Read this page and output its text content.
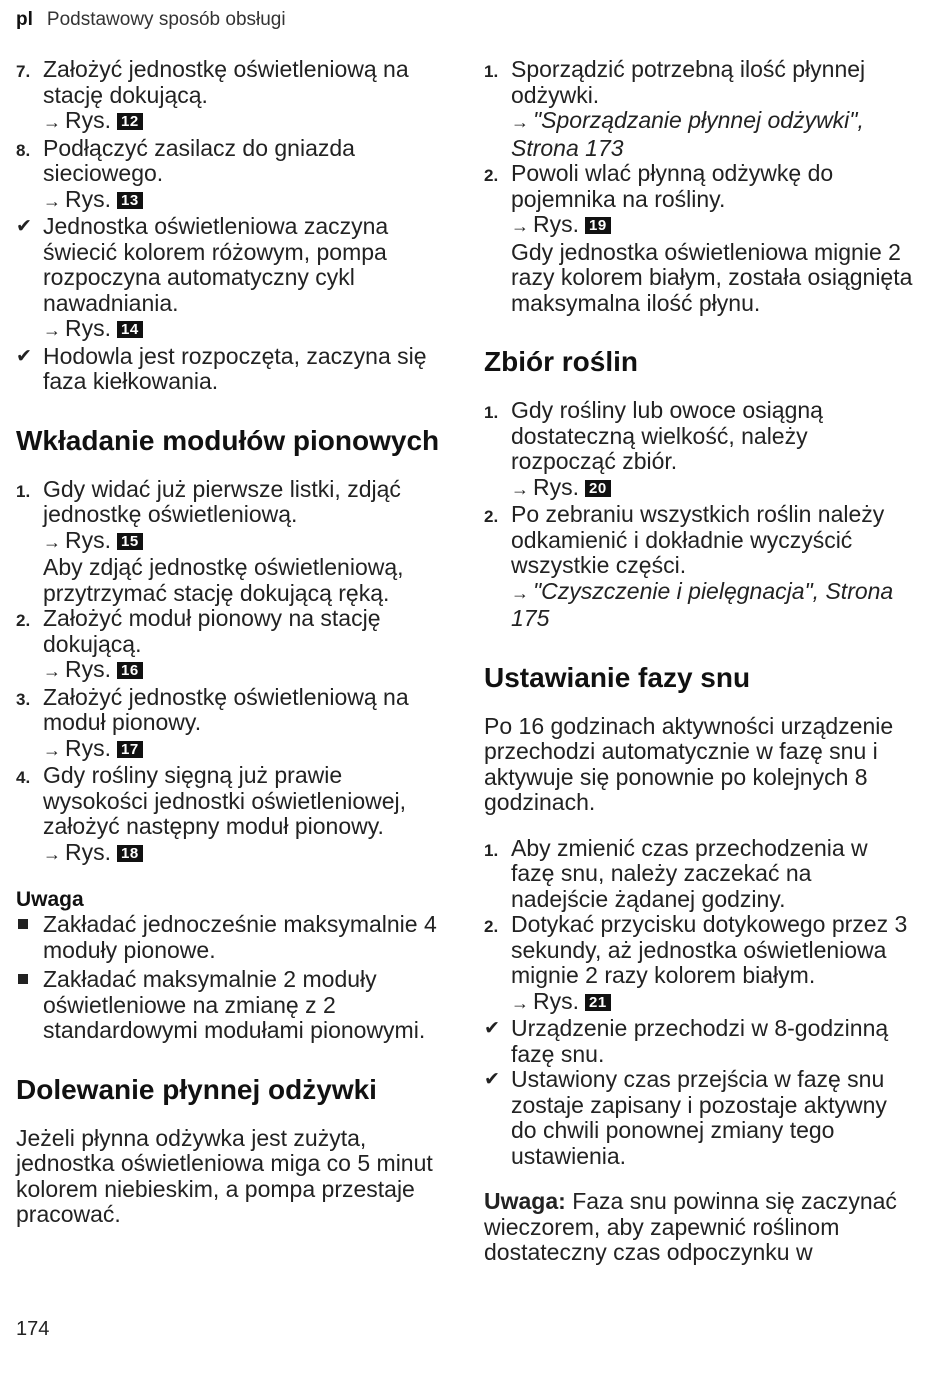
pl Podstawowy sposób obsługi
7. Założyć jednostkę oświetleniową na stację dokującą.
→ Rys. 12
8. Podłączyć zasilacz do gniazda sieciowego.
→ Rys. 13
✔ Jednostka oświetleniowa zaczyna świecić kolorem różowym, pompa rozpoczyna automatyczny cykl nawadniania.
→ Rys. 14
✔ Hodowla jest rozpoczęta, zaczyna się faza kiełkowania.
Wkładanie modułów pionowych
1. Gdy widać już pierwsze listki, zdjąć jednostkę oświetleniową.
→ Rys. 15
Aby zdjąć jednostkę oświetleniową, przytrzymać stację dokującą ręką.
2. Założyć moduł pionowy na stację dokującą.
→ Rys. 16
3. Założyć jednostkę oświetleniową na moduł pionowy.
→ Rys. 17
4. Gdy rośliny sięgną już prawie wysokości jednostki oświetleniowej, założyć następny moduł pionowy.
→ Rys. 18
Uwaga
Zakładać jednocześnie maksymalnie 4 moduły pionowe.
Zakładać maksymalnie 2 moduły oświetleniowe na zmianę z 2 standardowymi modułami pionowymi.
Dolewanie płynnej odżywki

Jeżeli płynna odżywka jest zużyta, jednostka oświetleniowa miga co 5 minut kolorem niebieskim, a pompa przestaje pracować.

1. Sporządzić potrzebną ilość płynnej odżywki.
→ "Sporządzanie płynnej odżywki", Strona 173
2. Powoli wlać płynną odżywkę do pojemnika na rośliny.
→ Rys. 19
Gdy jednostka oświetleniowa mignie 2 razy kolorem białym, została osiągnięta maksymalna ilość płynu.
Zbiór roślin
1. Gdy rośliny lub owoce osiągną dostateczną wielkość, należy rozpocząć zbiór.
→ Rys. 20
2. Po zebraniu wszystkich roślin należy odkamienić i dokładnie wyczyścić wszystkie części.
→ "Czyszczenie i pielęgnacja", Strona 175
Ustawianie fazy snu

Po 16 godzinach aktywności urządzenie przechodzi automatycznie w fazę snu i aktywuje się ponownie po kolejnych 8 godzinach.

1. Aby zmienić czas przechodzenia w fazę snu, należy zaczekać na nadejście żądanej godziny.
2. Dotykać przycisku dotykowego przez 3 sekundy, aż jednostka oświetleniowa mignie 2 razy kolorem białym.
→ Rys. 21
✔ Urządzenie przechodzi w 8-godzinną fazę snu.
✔ Ustawiony czas przejścia w fazę snu zostaje zapisany i pozostaje aktywny do chwili ponownej zmiany tego ustawienia.

Uwaga: Faza snu powinna się zaczynać wieczorem, aby zapewnić roślinom dostateczny czas odpoczynku w

174
